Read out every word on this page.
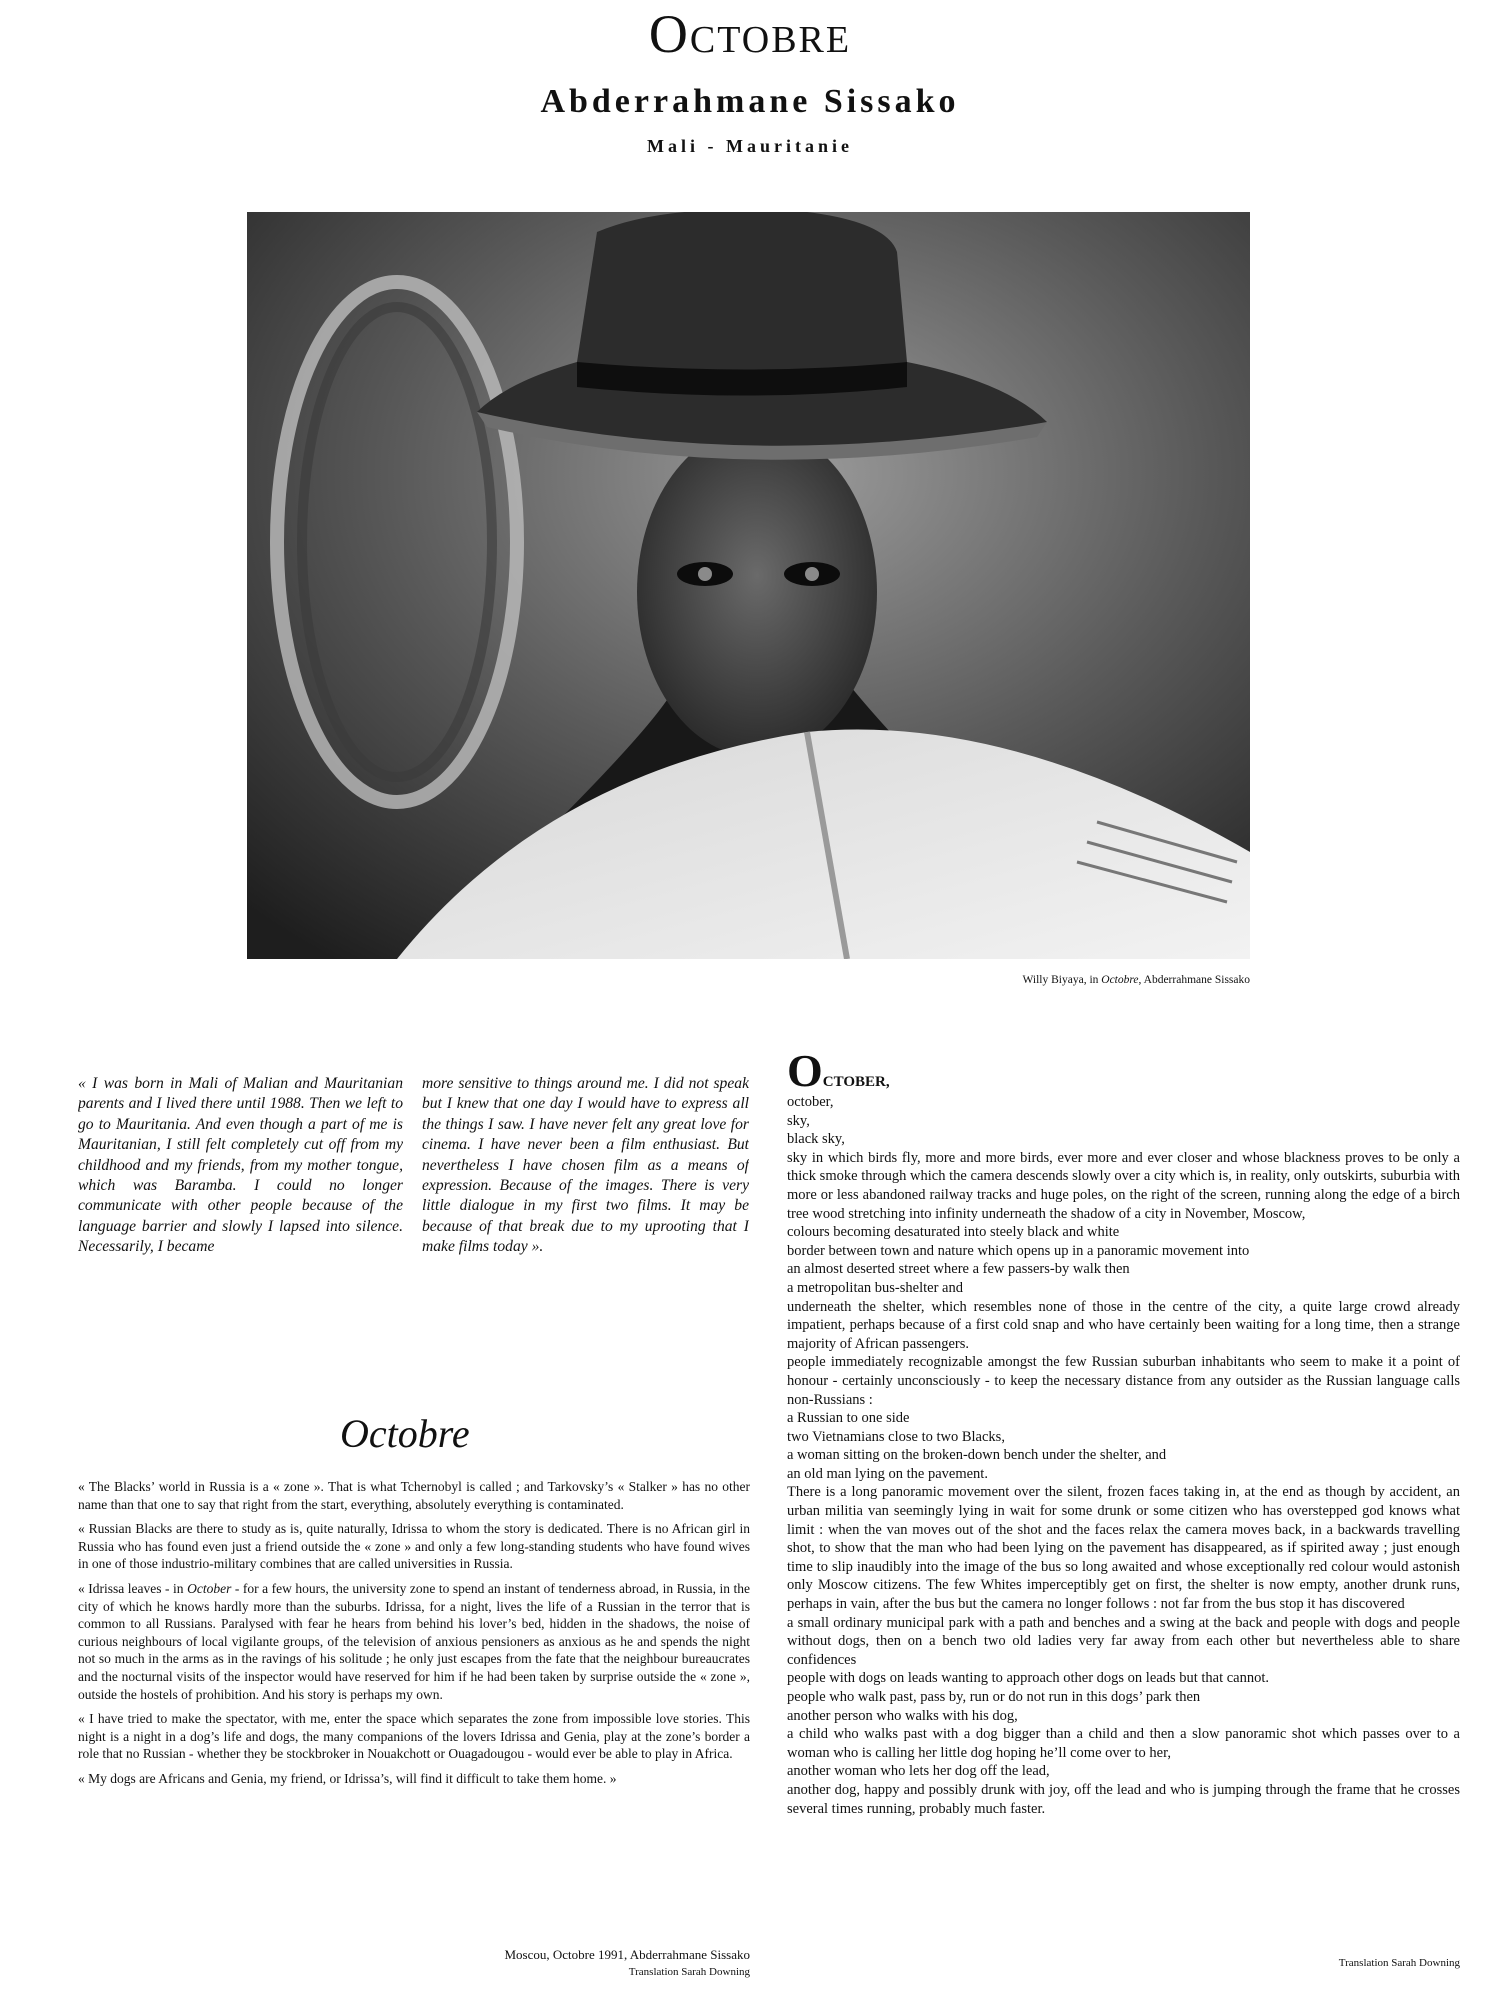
Octobre
Abderrahmane Sissako
Mali - Mauritanie
Willy Biyaya, in Octobre, Abderrahmane Sissako
« I was born in Mali of Malian and Mauritanian parents and I lived there until 1988. Then we left to go to Mauritania. And even though a part of me is Mauritanian, I still felt completely cut off from my childhood and my friends, from my mother tongue, which was Baramba. I could no longer communicate with other people because of the language barrier and slowly I lapsed into silence. Necessarily, I became
more sensitive to things around me. I did not speak but I knew that one day I would have to express all the things I saw. I have never felt any great love for cinema. I have never been a film enthusiast. But nevertheless I have chosen film as a means of expression. Because of the images. There is very little dialogue in my first two films. It may be because of that break due to my uprooting that I make films today ».
Octobre

« The Blacks’ world in Russia is a « zone ». That is what Tchernobyl is called ; and Tarkovsky’s « Stalker » has no other name than that one to say that right from the start, everything, absolutely everything is contaminated.

« Russian Blacks are there to study as is, quite naturally, Idrissa to whom the story is dedicated. There is no African girl in Russia who has found even just a friend outside the « zone » and only a few long-standing students who have found wives in one of those industrio-military combines that are called universities in Russia.

« Idrissa leaves - in October - for a few hours, the university zone to spend an instant of tenderness abroad, in Russia, in the city of which he knows hardly more than the suburbs. Idrissa, for a night, lives the life of a Russian in the terror that is common to all Russians. Paralysed with fear he hears from behind his lover’s bed, hidden in the shadows, the noise of curious neighbours of local vigilante groups, of the television of anxious pensioners as anxious as he and spends the night not so much in the arms as in the ravings of his solitude ; he only just escapes from the fate that the neighbour bureaucrates and the nocturnal visits of the inspector would have reserved for him if he had been taken by surprise outside the « zone », outside the hostels of prohibition. And his story is perhaps my own.

« I have tried to make the spectator, with me, enter the space which separates the zone from impossible love stories. This night is a night in a dog’s life and dogs, the many companions of the lovers Idrissa and Genia, play at the zone’s border a role that no Russian - whether they be stockbroker in Nouakchott or Ouagadougou - would ever be able to play in Africa.

« My dogs are Africans and Genia, my friend, or Idrissa’s, will find it difficult to take them home. »

Moscou, Octobre 1991, Abderrahmane Sissako
Translation Sarah Downing
OCTOBER,
october,
sky,
black sky,
sky in which birds fly, more and more birds, ever more and ever closer and whose blackness proves to be only a thick smoke through which the camera descends slowly over a city which is, in reality, only outskirts, suburbia with more or less abandoned railway tracks and huge poles, on the right of the screen, running along the edge of a birch tree wood stretching into infinity underneath the shadow of a city in November, Moscow,
colours becoming desaturated into steely black and white
border between town and nature which opens up in a panoramic movement into
an almost deserted street where a few passers-by walk then
a metropolitan bus-shelter and
underneath the shelter, which resembles none of those in the centre of the city, a quite large crowd already impatient, perhaps because of a first cold snap and who have certainly been waiting for a long time, then a strange majority of African passengers.
people immediately recognizable amongst the few Russian suburban inhabitants who seem to make it a point of honour - certainly unconsciously - to keep the necessary distance from any outsider as the Russian language calls non-Russians :
a Russian to one side
two Vietnamians close to two Blacks,
a woman sitting on the broken-down bench under the shelter, and
an old man lying on the pavement.
There is a long panoramic movement over the silent, frozen faces taking in, at the end as though by accident, an urban militia van seemingly lying in wait for some drunk or some citizen who has overstepped god knows what limit : when the van moves out of the shot and the faces relax the camera moves back, in a backwards travelling shot, to show that the man who had been lying on the pavement has disappeared, as if spirited away ; just enough time to slip inaudibly into the image of the bus so long awaited and whose exceptionally red colour would astonish only Moscow citizens. The few Whites imperceptibly get on first, the shelter is now empty, another drunk runs, perhaps in vain, after the bus but the camera no longer follows : not far from the bus stop it has discovered
a small ordinary municipal park with a path and benches and a swing at the back and people with dogs and people without dogs, then on a bench two old ladies very far away from each other but nevertheless able to share confidences
people with dogs on leads wanting to approach other dogs on leads but that cannot.
people who walk past, pass by, run or do not run in this dogs’ park then
another person who walks with his dog,
a child who walks past with a dog bigger than a child and then a slow panoramic shot which passes over to a woman who is calling her little dog hoping he’ll come over to her,
another woman who lets her dog off the lead,
another dog, happy and possibly drunk with joy, off the lead and who is jumping through the frame that he crosses several times running, probably much faster.
Translation Sarah Downing
